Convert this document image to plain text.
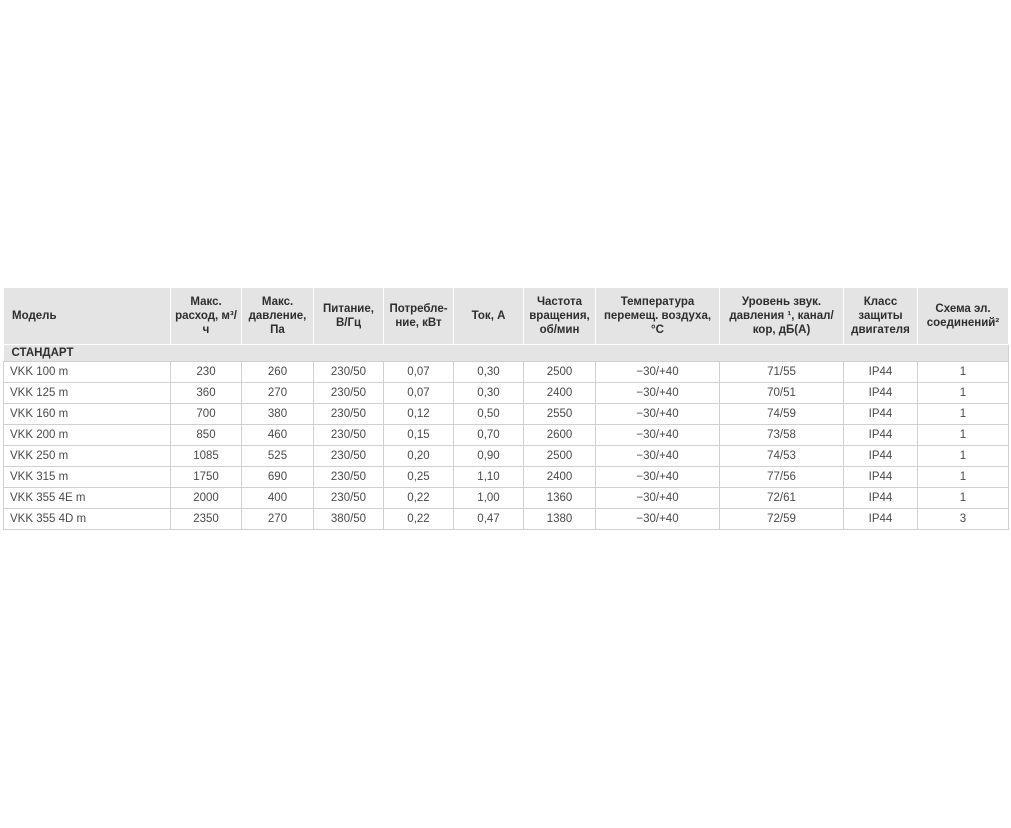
Модель	Макс. расход, м³/ч	Макс. давление, Па	Питание, В/Гц	Потребле-ние, кВт	Ток, А	Частота вращения, об/мин	Температура перемещ. воздуха, °С	Уровень звук. давления ¹, канал/кор, дБ(А)	Класс защиты двигателя	Схема эл. соединений²
СТАНДАРТ										
VKK 100 m	230	260	230/50	0,07	0,30	2500	−30/+40	71/55	IP44	1
VKK 125 m	360	270	230/50	0,07	0,30	2400	−30/+40	70/51	IP44	1
VKK 160 m	700	380	230/50	0,12	0,50	2550	−30/+40	74/59	IP44	1
VKK 200 m	850	460	230/50	0,15	0,70	2600	−30/+40	73/58	IP44	1
VKK 250 m	1085	525	230/50	0,20	0,90	2500	−30/+40	74/53	IP44	1
VKK 315 m	1750	690	230/50	0,25	1,10	2400	−30/+40	77/56	IP44	1
VKK 355 4E m	2000	400	230/50	0,22	1,00	1360	−30/+40	72/61	IP44	1
VKK 355 4D m	2350	270	380/50	0,22	0,47	1380	−30/+40	72/59	IP44	3
